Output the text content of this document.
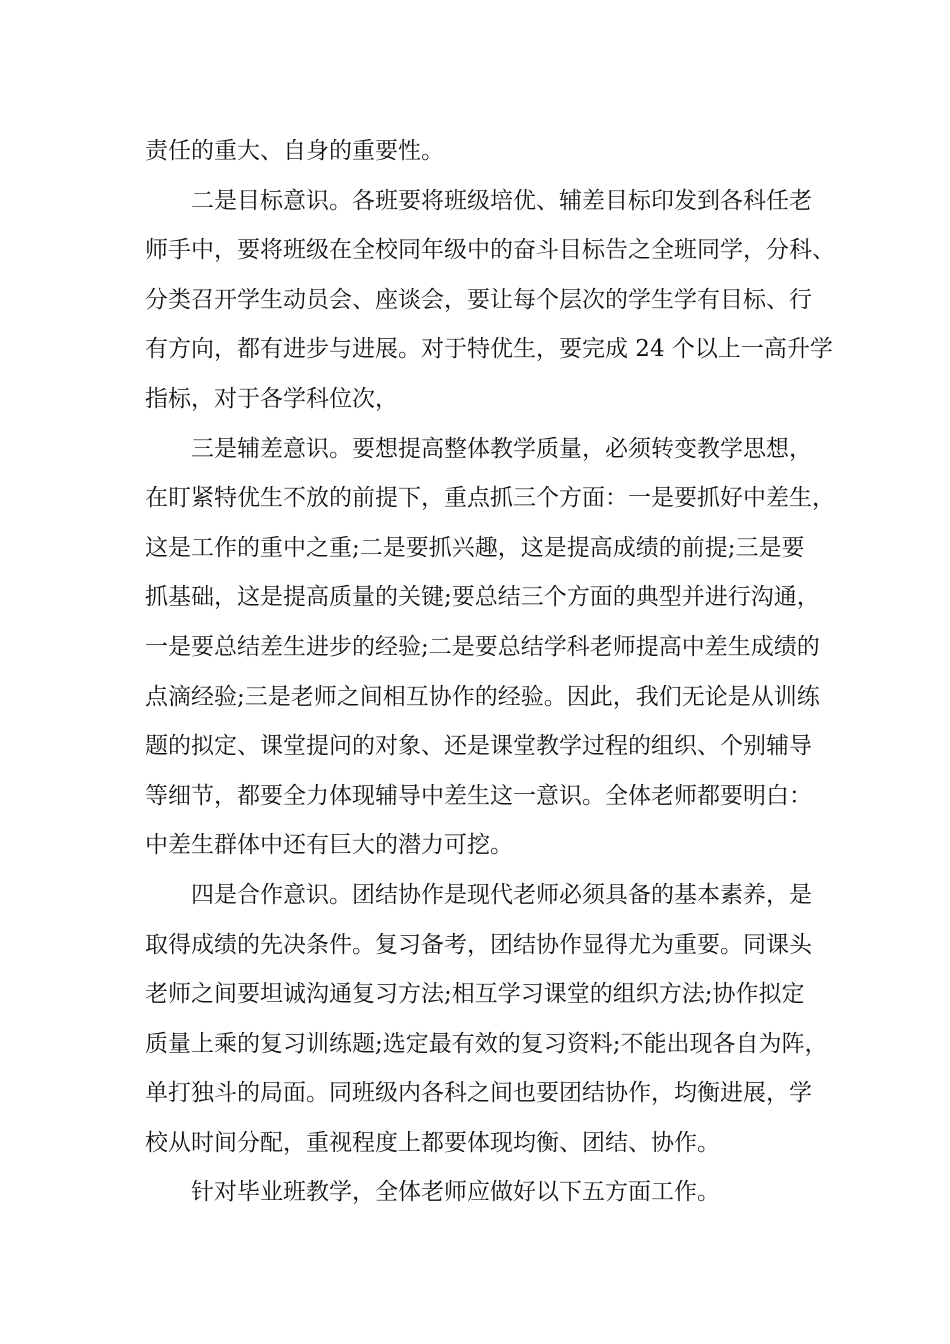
责任的重大、自身的重要性。
二是目标意识。各班要将班级培优、辅差目标印发到各科任老
师手中，要将班级在全校同年级中的奋斗目标告之全班同学，分科、
分类召开学生动员会、座谈会，要让每个层次的学生学有目标、行
有方向，都有进步与进展。对于特优生，要完成 24 个以上一高升学
指标，对于各学科位次，
三是辅差意识。要想提高整体教学质量，必须转变教学思想，
在盯紧特优生不放的前提下，重点抓三个方面：一是要抓好中差生，
这是工作的重中之重;二是要抓兴趣，这是提高成绩的前提;三是要
抓基础，这是提高质量的关键;要总结三个方面的典型并进行沟通，
一是要总结差生进步的经验;二是要总结学科老师提高中差生成绩的
点滴经验;三是老师之间相互协作的经验。因此，我们无论是从训练
题的拟定、课堂提问的对象、还是课堂教学过程的组织、个别辅导
等细节，都要全力体现辅导中差生这一意识。全体老师都要明白：
中差生群体中还有巨大的潜力可挖。
四是合作意识。团结协作是现代老师必须具备的基本素养，是
取得成绩的先决条件。复习备考，团结协作显得尤为重要。同课头
老师之间要坦诚沟通复习方法;相互学习课堂的组织方法;协作拟定
质量上乘的复习训练题;选定最有效的复习资料;不能出现各自为阵，
单打独斗的局面。同班级内各科之间也要团结协作，均衡进展，学
校从时间分配，重视程度上都要体现均衡、团结、协作。
针对毕业班教学，全体老师应做好以下五方面工作。
